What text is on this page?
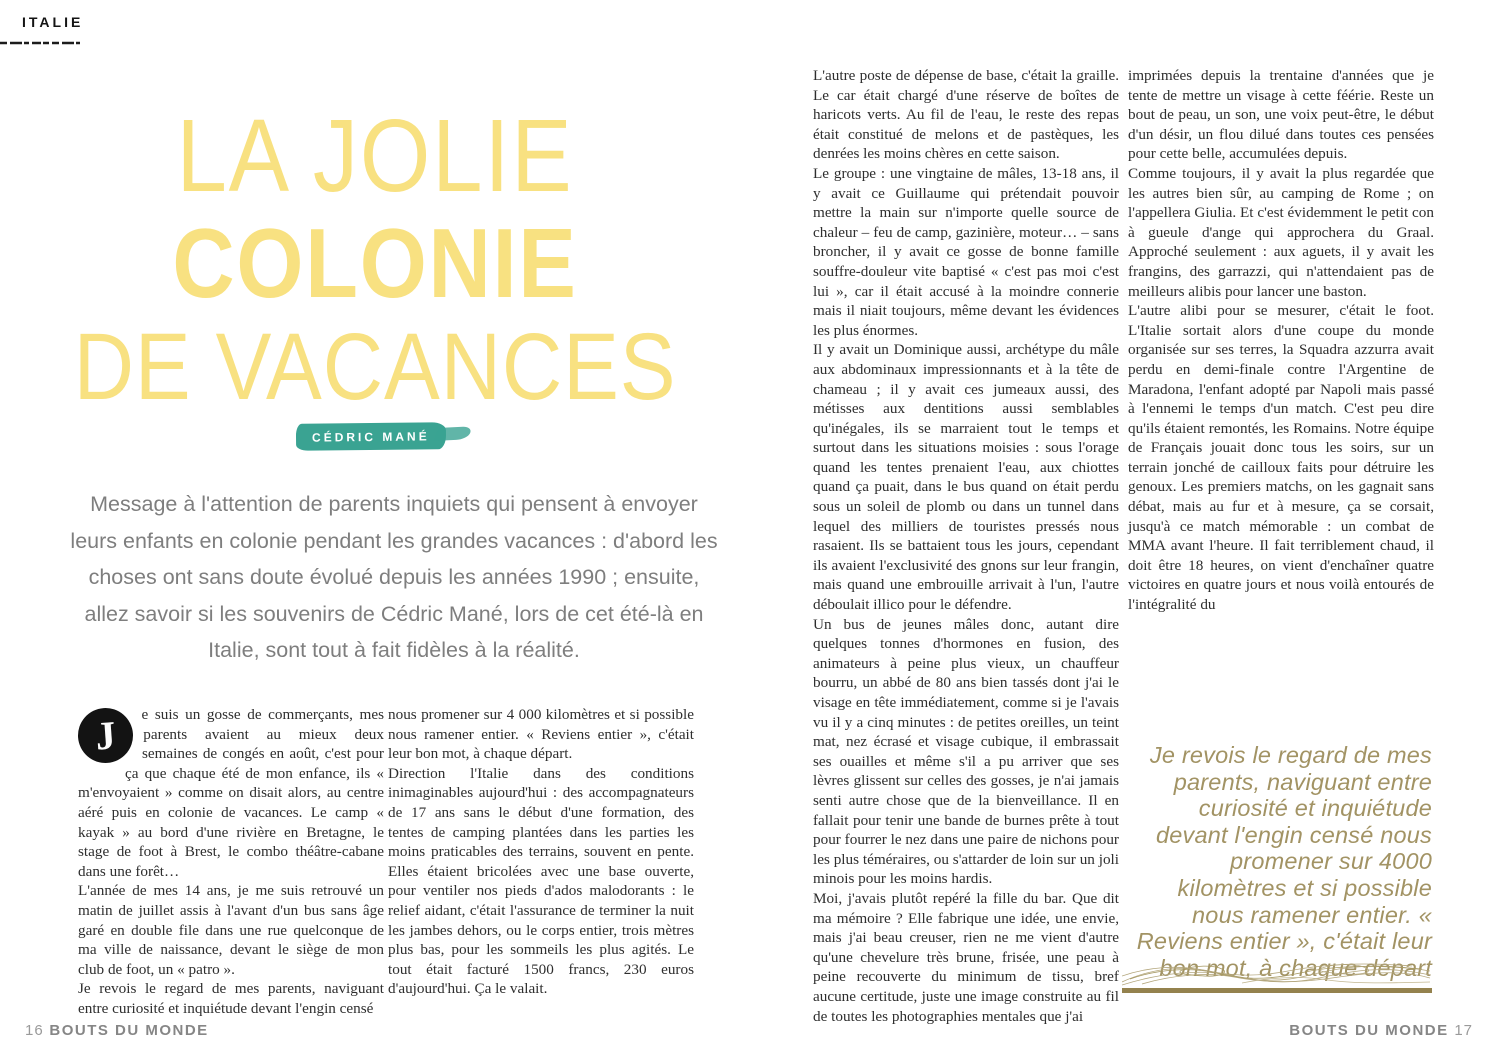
ITALIE
LA JOLIE
COLONIE
DE VACANCES
CÉDRIC MANÉ
Message à l'attention de parents inquiets qui pensent à envoyer leurs enfants en colonie pendant les grandes vacances : d'abord les choses ont sans doute évolué depuis les années 1990 ; ensuite, allez savoir si les souvenirs de Cédric Mané, lors de cet été-là en Italie, sont tout à fait fidèles à la réalité.

J	e suis un gosse de commerçants, mes parents avaient au mieux deux semaines de congés en août, c'est pour ça que chaque été de mon enfance, ils « m'envoyaient » comme on disait alors, au centre aéré puis en colonie de vacances. Le camp « kayak » au bord d'une rivière en Bretagne, le stage de foot à Brest, le combo théâtre-cabane dans une forêt…

L'année de mes 14 ans, je me suis retrouvé un matin de juillet assis à l'avant d'un bus sans âge garé en double file dans une rue quelconque de ma ville de naissance, devant le siège de mon club de foot, un « patro ».

Je revois le regard de mes parents, naviguant entre curiosité et inquiétude devant l'engin censé

nous promener sur 4 000 kilomètres et si possible nous ramener entier. « Reviens entier », c'était leur bon mot, à chaque départ.

Direction l'Italie dans des conditions inimaginables aujourd'hui : des accompagnateurs de 17 ans sans le début d'une formation, des tentes de camping plantées dans les parties les moins praticables des terrains, souvent en pente. Elles étaient bricolées avec une base ouverte, pour ventiler nos pieds d'ados malodorants : le relief aidant, c'était l'assurance de terminer la nuit les jambes dehors, ou le corps entier, trois mètres plus bas, pour les sommeils les plus agités. Le tout était facturé 1500 francs, 230 euros d'aujourd'hui. Ça le valait.

L'autre poste de dépense de base, c'était la graille. Le car était chargé d'une réserve de boîtes de haricots verts. Au fil de l'eau, le reste des repas était constitué de melons et de pastèques, les denrées les moins chères en cette saison.

Le groupe : une vingtaine de mâles, 13-18 ans, il y avait ce Guillaume qui prétendait pouvoir mettre la main sur n'importe quelle source de chaleur – feu de camp, gazinière, moteur… – sans broncher, il y avait ce gosse de bonne famille souffre-douleur vite baptisé « c'est pas moi c'est lui », car il était accusé à la moindre connerie mais il niait toujours, même devant les évidences les plus énormes.

Il y avait un Dominique aussi, archétype du mâle aux abdominaux impressionnants et à la tête de chameau ; il y avait ces jumeaux aussi, des métisses aux dentitions aussi semblables qu'inégales, ils se marraient tout le temps et surtout dans les situations moisies : sous l'orage quand les tentes prenaient l'eau, aux chiottes quand ça puait, dans le bus quand on était perdu sous un soleil de plomb ou dans un tunnel dans lequel des milliers de touristes pressés nous rasaient. Ils se battaient tous les jours, cependant ils avaient l'exclusivité des gnons sur leur frangin, mais quand une embrouille arrivait à l'un, l'autre déboulait illico pour le défendre.

Un bus de jeunes mâles donc, autant dire quelques tonnes d'hormones en fusion, des animateurs à peine plus vieux, un chauffeur bourru, un abbé de 80 ans bien tassés dont j'ai le visage en tête immédiatement, comme si je l'avais vu il y a cinq minutes : de petites oreilles, un teint mat, nez écrasé et visage cubique, il embrassait ses ouailles et même s'il a pu arriver que ses lèvres glissent sur celles des gosses, je n'ai jamais senti autre chose que de la bienveillance. Il en fallait pour tenir une bande de burnes prête à tout pour fourrer le nez dans une paire de nichons pour les plus téméraires, ou s'attarder de loin sur un joli minois pour les moins hardis.

Moi, j'avais plutôt repéré la fille du bar. Que dit ma mémoire ? Elle fabrique une idée, une envie, mais j'ai beau creuser, rien ne me vient d'autre qu'une chevelure très brune, frisée, une peau à peine recouverte du minimum de tissu, bref aucune certitude, juste une image construite au fil de toutes les photographies mentales que j'ai

imprimées depuis la trentaine d'années que je tente de mettre un visage à cette féérie. Reste un bout de peau, un son, une voix peut-être, le début d'un désir, un flou dilué dans toutes ces pensées pour cette belle, accumulées depuis.

Comme toujours, il y avait la plus regardée que les autres bien sûr, au camping de Rome ; on l'appellera Giulia. Et c'est évidemment le petit con à gueule d'ange qui approchera du Graal. Approché seulement : aux aguets, il y avait les frangins, des garrazzi, qui n'attendaient pas de meilleurs alibis pour lancer une baston.

L'autre alibi pour se mesurer, c'était le foot. L'Italie sortait alors d'une coupe du monde organisée sur ses terres, la Squadra azzurra avait perdu en demi-finale contre l'Argentine de Maradona, l'enfant adopté par Napoli mais passé à l'ennemi le temps d'un match. C'est peu dire qu'ils étaient remontés, les Romains. Notre équipe de Français jouait donc tous les soirs, sur un terrain jonché de cailloux faits pour détruire les genoux. Les premiers matchs, on les gagnait sans débat, mais au fur et à mesure, ça se corsait, jusqu'à ce match mémorable : un combat de MMA avant l'heure. Il fait terriblement chaud, il doit être 18 heures, on vient d'enchaîner quatre victoires en quatre jours et nous voilà entourés de l'intégralité du

Je revois le regard de mes parents, naviguant entre curiosité et inquiétude devant l'engin censé nous promener sur 4000 kilomètres et si possible nous ramener entier. « Reviens entier », c'était leur bon mot, à chaque départ
16 BOUTS DU MONDE	BOUTS DU MONDE 17
